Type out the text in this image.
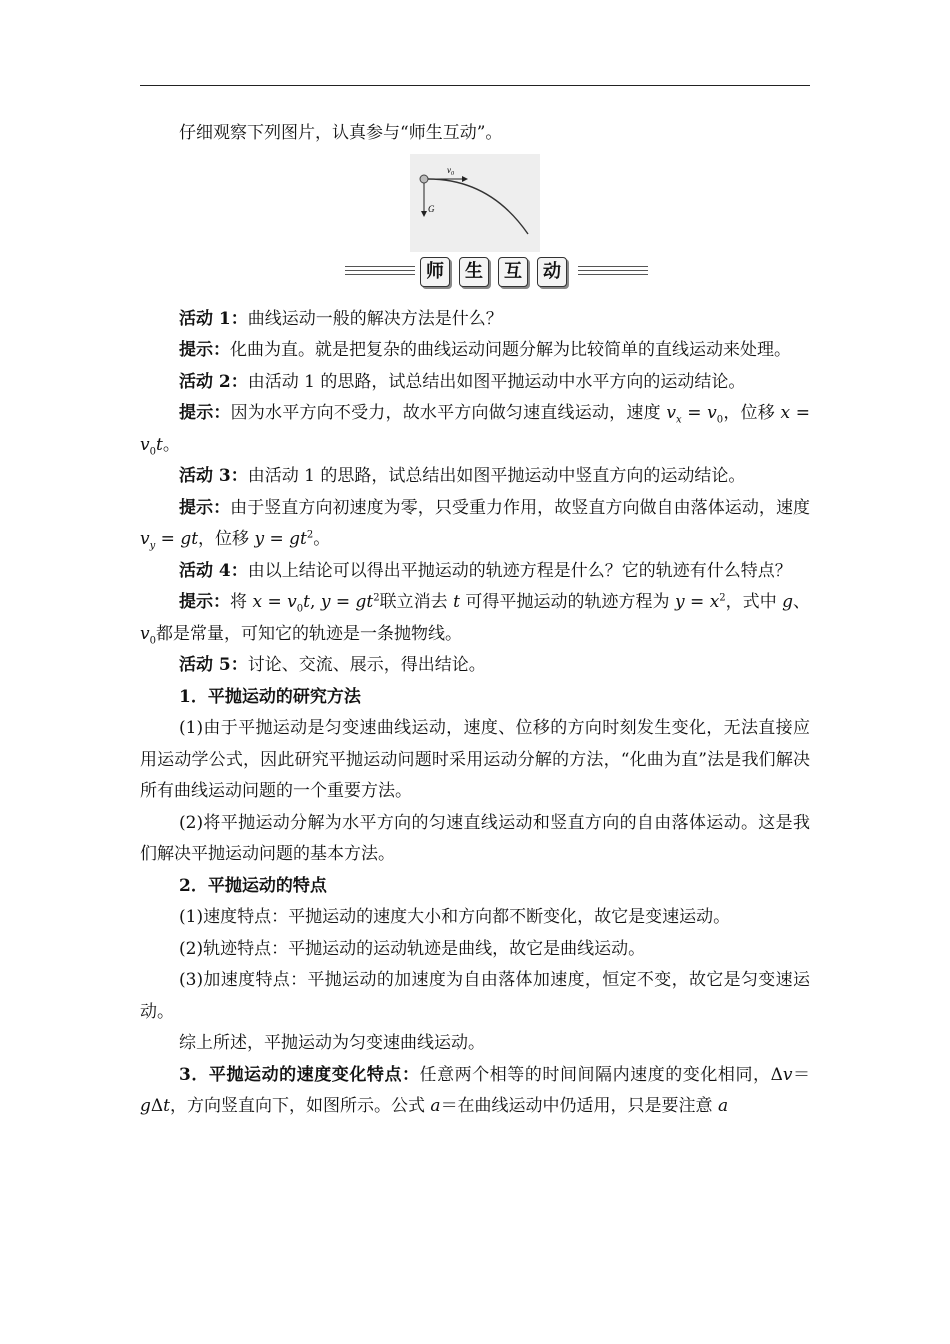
仔细观察下列图片，认真参与“师生互动”。

$v_0$
G
师	生	互	动

活动 1：曲线运动一般的解决方法是什么？

提示：化曲为直。就是把复杂的曲线运动问题分解为比较简单的直线运动来处理。

活动 2：由活动 1 的思路，试总结出如图平抛运动中水平方向的运动结论。

提示：因为水平方向不受力，故水平方向做匀速直线运动，速度 $v_x = v_0$，位移 $x = v_0t$。

活动 3：由活动 1 的思路，试总结出如图平抛运动中竖直方向的运动结论。

提示：由于竖直方向初速度为零，只受重力作用，故竖直方向做自由落体运动，速度 $v_y$ = gt，位移 $y = gt^2$。

活动 4：由以上结论可以得出平抛运动的轨迹方程是什么？它的轨迹有什么特点？

提示：将 $x = v_0t$, $y = gt^2$联立消去 t 可得平抛运动的轨迹方程为 $y = x^2$，式中 g、$v_0$都是常量，可知它的轨迹是一条抛物线。

活动 5：讨论、交流、展示，得出结论。

1．平抛运动的研究方法

(1)由于平抛运动是匀变速曲线运动，速度、位移的方向时刻发生变化，无法直接应用运动学公式，因此研究平抛运动问题时采用运动分解的方法，“化曲为直”法是我们解决所有曲线运动问题的一个重要方法。

(2)将平抛运动分解为水平方向的匀速直线运动和竖直方向的自由落体运动。这是我们解决平抛运动问题的基本方法。

2．平抛运动的特点

(1)速度特点：平抛运动的速度大小和方向都不断变化，故它是变速运动。

(2)轨迹特点：平抛运动的运动轨迹是曲线，故它是曲线运动。

(3)加速度特点：平抛运动的加速度为自由落体加速度，恒定不变，故它是匀变速运动。

综上所述，平抛运动为匀变速曲线运动。

3．平抛运动的速度变化特点：任意两个相等的时间间隔内速度的变化相同，Δv＝gΔt，方向竖直向下，如图所示。公式 a＝在曲线运动中仍适用，只是要注意 a
